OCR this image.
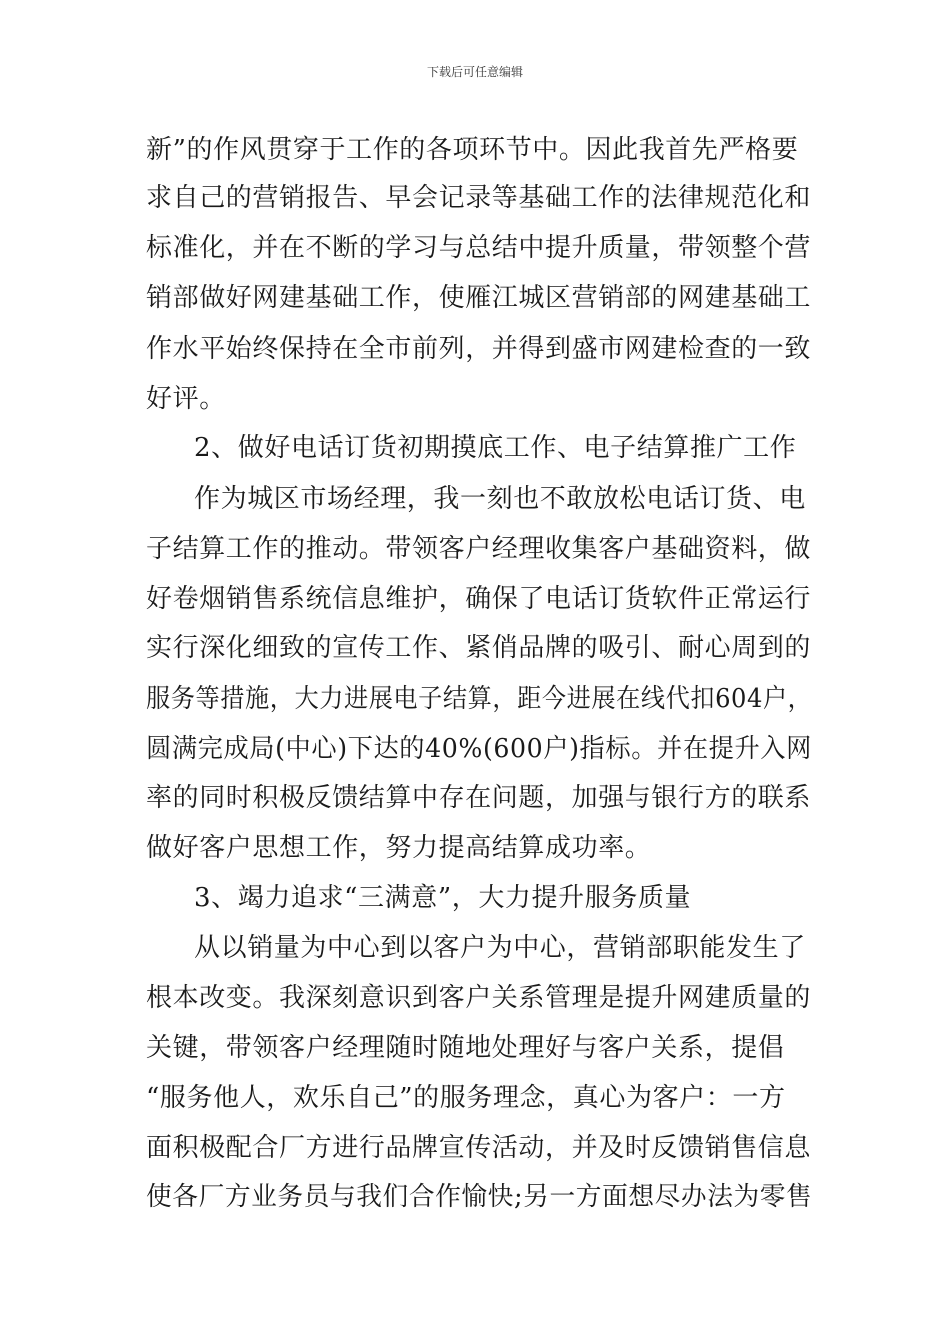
下载后可任意编辑
新”的作风贯穿于工作的各项环节中。因此我首先严格要
求自己的营销报告、早会记录等基础工作的法律规范化和
标准化，并在不断的学习与总结中提升质量，带领整个营
销部做好网建基础工作，使雁江城区营销部的网建基础工
作水平始终保持在全市前列，并得到盛市网建检查的一致
好评。
2、做好电话订货初期摸底工作、电子结算推广工作
作为城区市场经理，我一刻也不敢放松电话订货、电
子结算工作的推动。带领客户经理收集客户基础资料，做
好卷烟销售系统信息维护，确保了电话订货软件正常运行
实行深化细致的宣传工作、紧俏品牌的吸引、耐心周到的
服务等措施，大力进展电子结算，距今进展在线代扣604户，
圆满完成局(中心)下达的40%(600户)指标。并在提升入网
率的同时积极反馈结算中存在问题，加强与银行方的联系
做好客户思想工作，努力提高结算成功率。
3、竭力追求“三满意”，大力提升服务质量
从以销量为中心到以客户为中心，营销部职能发生了
根本改变。我深刻意识到客户关系管理是提升网建质量的
关键，带领客户经理随时随地处理好与客户关系，提倡
“服务他人，欢乐自己”的服务理念，真心为客户：一方
面积极配合厂方进行品牌宣传活动，并及时反馈销售信息
使各厂方业务员与我们合作愉快;另一方面想尽办法为零售
